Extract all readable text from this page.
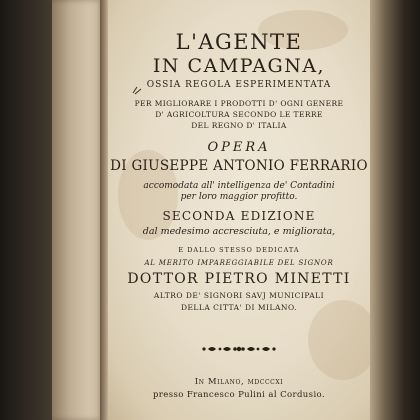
L'AGENTE
IN CAMPAGNA,
OSSIA REGOLA ESPERIMENTATA
PER MIGLIORARE I PRODOTTI D' OGNI GENERE
D' AGRICOLTURA SECONDO LE TERRE
DEL REGNO D' ITALIA
OPERA
DI GIUSEPPE ANTONIO FERRARIO
accomodata all' intelligenza de' Contadini
per loro maggior profitto.
SECONDA EDIZIONE
dal medesimo accresciuta, e migliorata,
E DALLO STESSO DEDICATA
AL MERITO IMPAREGGIABILE DEL SIGNOR
DOTTOR PIETRO MINETTI
ALTRO DE' SIGNORI SAVJ MUNICIPALI
DELLA CITTA' DI MILANO.
In Milano, mdcccxi
presso Francesco Pulini al Cordusio.
